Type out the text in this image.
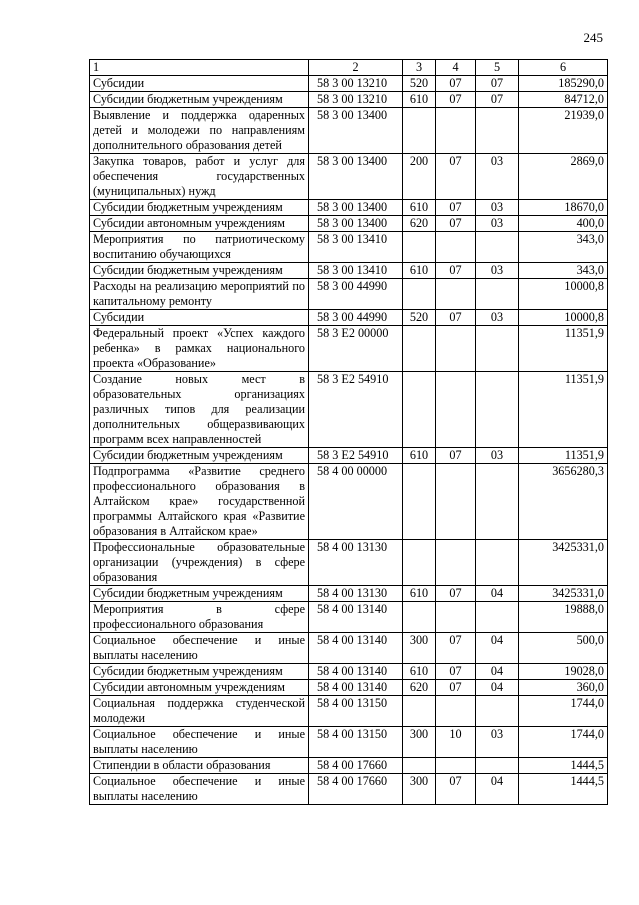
245
1	2	3	4	5	6
Субсидии	58 3 00 13210	520	07	07	185290,0
Субсидии бюджетным учреждениям	58 3 00 13210	610	07	07	84712,0
Выявление и поддержка одаренных детей и молодежи по направлениям дополнительного образования детей	58 3 00 13400				21939,0
Закупка товаров, работ и услуг для обеспечения государственных (муниципальных) нужд	58 3 00 13400	200	07	03	2869,0
Субсидии бюджетным учреждениям	58 3 00 13400	610	07	03	18670,0
Субсидии автономным учреждениям	58 3 00 13400	620	07	03	400,0
Мероприятия по патриотическому воспитанию обучающихся	58 3 00 13410				343,0
Субсидии бюджетным учреждениям	58 3 00 13410	610	07	03	343,0
Расходы на реализацию мероприятий по капитальному ремонту	58 3 00 44990				10000,8
Субсидии	58 3 00 44990	520	07	03	10000,8
Федеральный проект «Успех каждого ребенка» в рамках национального проекта «Образование»	58 3 E2 00000				11351,9
Создание новых мест в образовательных организациях различных типов для реализации дополнительных общеразвивающих программ всех направленностей	58 3 E2 54910				11351,9
Субсидии бюджетным учреждениям	58 3 E2 54910	610	07	03	11351,9
Подпрограмма «Развитие среднего профессионального образования в Алтайском крае» государственной программы Алтайского края «Развитие образования в Алтайском крае»	58 4 00 00000				3656280,3
Профессиональные образовательные организации (учреждения) в сфере образования	58 4 00 13130				3425331,0
Субсидии бюджетным учреждениям	58 4 00 13130	610	07	04	3425331,0
Мероприятия в сфере профессионального образования	58 4 00 13140				19888,0
Социальное обеспечение и иные выплаты населению	58 4 00 13140	300	07	04	500,0
Субсидии бюджетным учреждениям	58 4 00 13140	610	07	04	19028,0
Субсидии автономным учреждениям	58 4 00 13140	620	07	04	360,0
Социальная поддержка студенческой молодежи	58 4 00 13150				1744,0
Социальное обеспечение и иные выплаты населению	58 4 00 13150	300	10	03	1744,0
Стипендии в области образования	58 4 00 17660				1444,5
Социальное обеспечение и иные выплаты населению	58 4 00 17660	300	07	04	1444,5
